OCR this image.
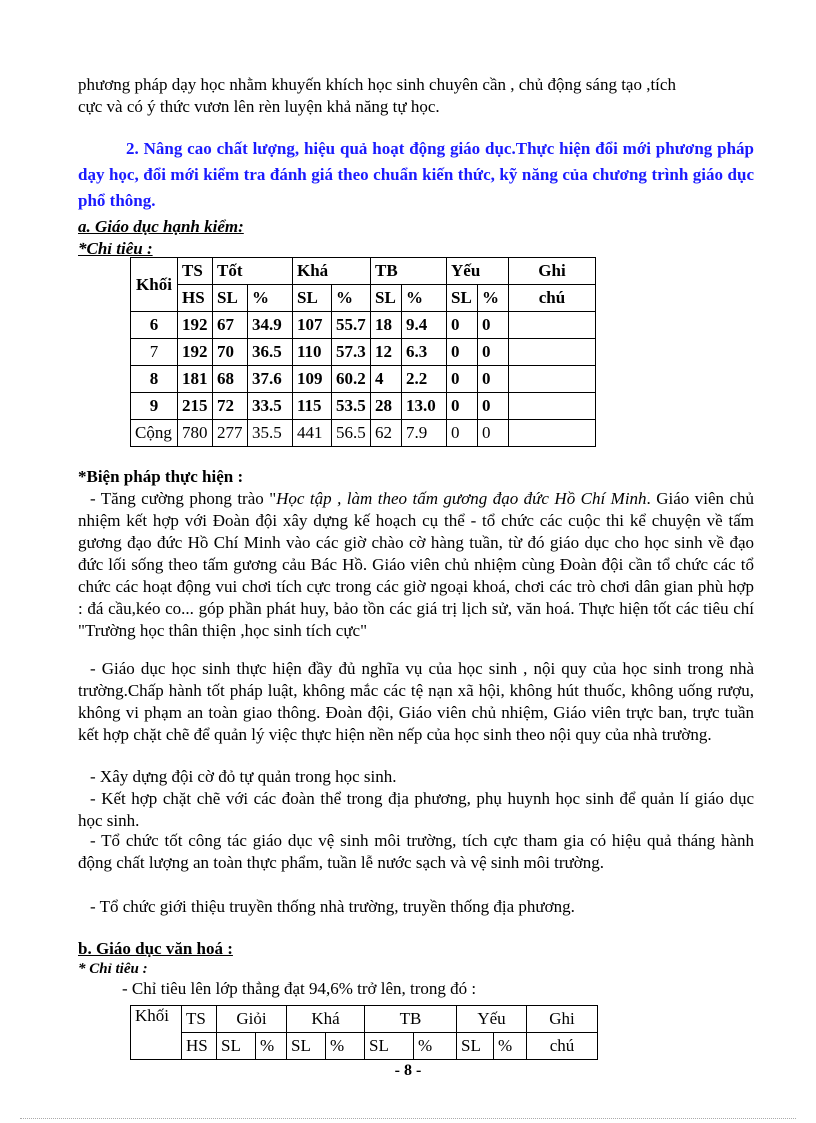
phương pháp dạy học nhằm khuyến khích học sinh chuyên cần , chủ động sáng tạo ,tích

cực và có ý thức vươn lên rèn luyện khả năng tự học.

2. Nâng cao chất lượng, hiệu quả hoạt động giáo dục.Thực hiện đổi mới phương pháp dạy học, đổi mới kiểm tra đánh giá theo chuẩn kiến thức, kỹ năng của chương trình giáo dục phổ thông.

a. Giáo dục hạnh kiểm:

*Chỉ tiêu :

Khối	TS	Tốt		Khá		TB		Yếu		Ghi
	HS	SL	%	SL	%	SL	%	SL	%	chú
6	192	67	34.9	107	55.7	18	9.4	0	0	
7	192	70	36.5	110	57.3	12	6.3	0	0	
8	181	68	37.6	109	60.2	4	2.2	0	0	
9	215	72	33.5	115	53.5	28	13.0	0	0	
Cộng	780	277	35.5	441	56.5	62	7.9	0	0	

*Biện pháp thực hiện :

- Tăng cường phong trào "Học tập , làm theo tấm gương đạo đức Hồ Chí Minh. Giáo viên chủ nhiệm kết hợp với Đoàn đội xây dựng kế hoạch cụ thể - tổ chức các cuộc thi kể chuyện về tấm gương đạo đức Hồ Chí Minh vào các giờ chào cờ hàng tuần, từ đó giáo dục cho học sinh về đạo đức lối sống theo tấm gương cảu Bác Hồ. Giáo viên chủ nhiệm cùng Đoàn đội cần tổ chức các tổ chức các hoạt động vui chơi tích cực trong các giờ ngoại khoá, chơi các trò chơi dân gian phù hợp : đá cầu,kéo co... góp phần phát huy, bảo tồn các giá trị lịch sử, văn hoá. Thực hiện tốt các tiêu chí "Trường học thân thiện ,học sinh tích cực"

- Giáo dục học sinh thực hiện đầy đủ nghĩa vụ của học sinh , nội quy của học sinh trong nhà trường.Chấp hành tốt pháp luật, không mắc các tệ nạn xã hội, không hút thuốc, không uống rượu, không vi phạm an toàn giao thông. Đoàn đội, Giáo viên chủ nhiệm, Giáo viên trực ban, trực tuần kết hợp chặt chẽ để quản lý việc thực hiện nền nếp của học sinh theo nội quy của nhà trường.

- Xây dựng đội cờ đỏ tự quản trong học sinh.

- Kết hợp chặt chẽ với các đoàn thể trong địa phương, phụ huynh học sinh để quản lí giáo dục học sinh.

- Tổ chức tốt công tác giáo dục vệ sinh môi trường, tích cực tham gia có hiệu quả tháng hành động chất lượng an toàn thực phẩm, tuần lễ nước sạch và vệ sinh môi trường.

- Tổ chức giới thiệu truyền thống nhà trường, truyền thống địa phương.

b. Giáo dục văn hoá :

* Chỉ tiêu :

- Chỉ tiêu lên lớp thẳng đạt 94,6% trở lên, trong đó :

Khối	TS	Giỏi		Khá		TB		Yếu		Ghi
	HS	SL	%	SL	%	SL	%	SL	%	chú
- 8 -
